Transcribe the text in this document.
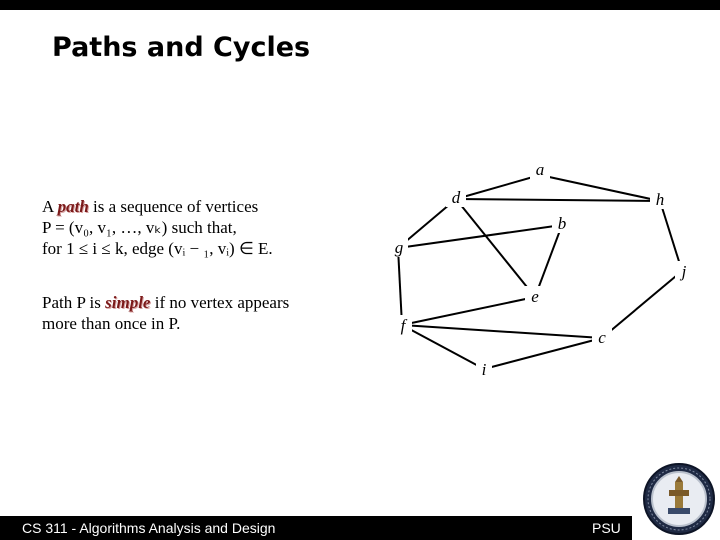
Paths and Cycles
A path is a sequence of vertices
P = (v₀, v₁, …, vₖ) such that,
for 1 ≤ i ≤ k, edge (vᵢ − ₁, vᵢ) ∈ E.
Path P is simple if no vertex appears
more than once in P.
a
d	h
b
g
j
e
f
c
i
CS 311 - Algorithms Analysis and Design	PSU
